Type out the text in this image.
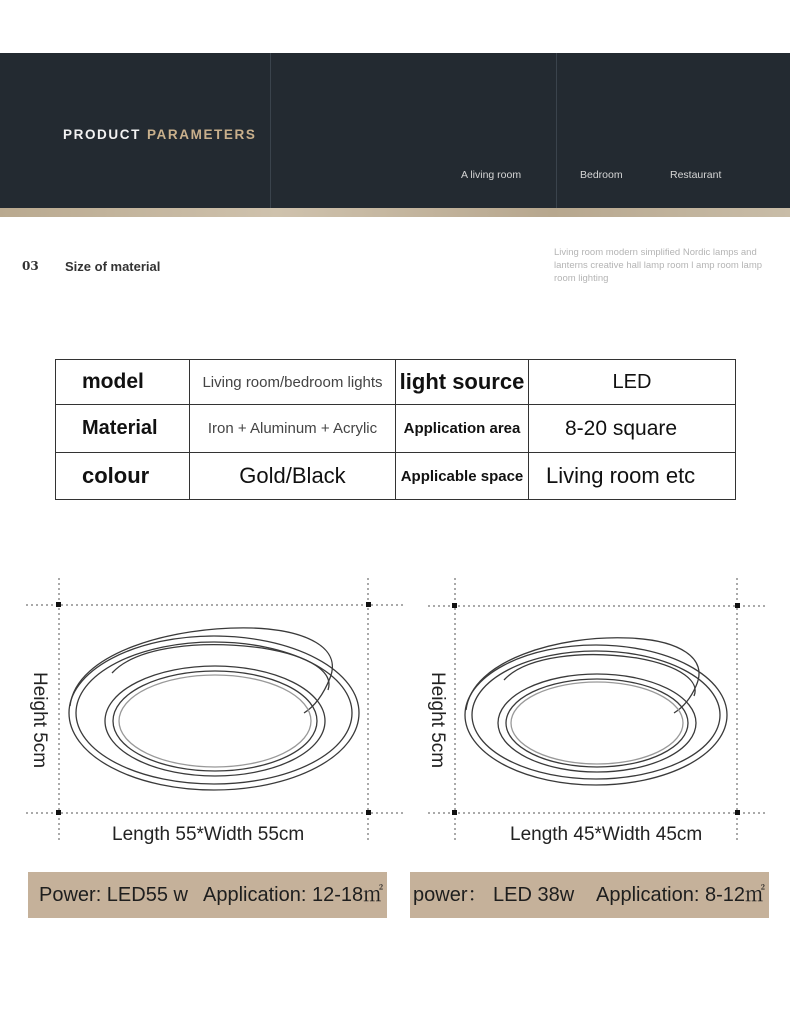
PRODUCT PARAMETERS
A living room	Bedroom	Restaurant
03 Size of material
Living room modern simplified Nordic lamps and lanterns creative hall lamp room l amp room lamp room lighting
model	Living room/bedroom lights	light source	LED
Material	Iron + Aluminum + Acrylic	Application area	8-20 square
colour	Gold/Black	Applicable space	Living room etc
Height 5cm
Length 55*Width 55cm
Height 5cm
Length 45*Width 45cm
Power: LED55 w Application: 12-18㎡ power： LED 38w Application: 8-12㎡
